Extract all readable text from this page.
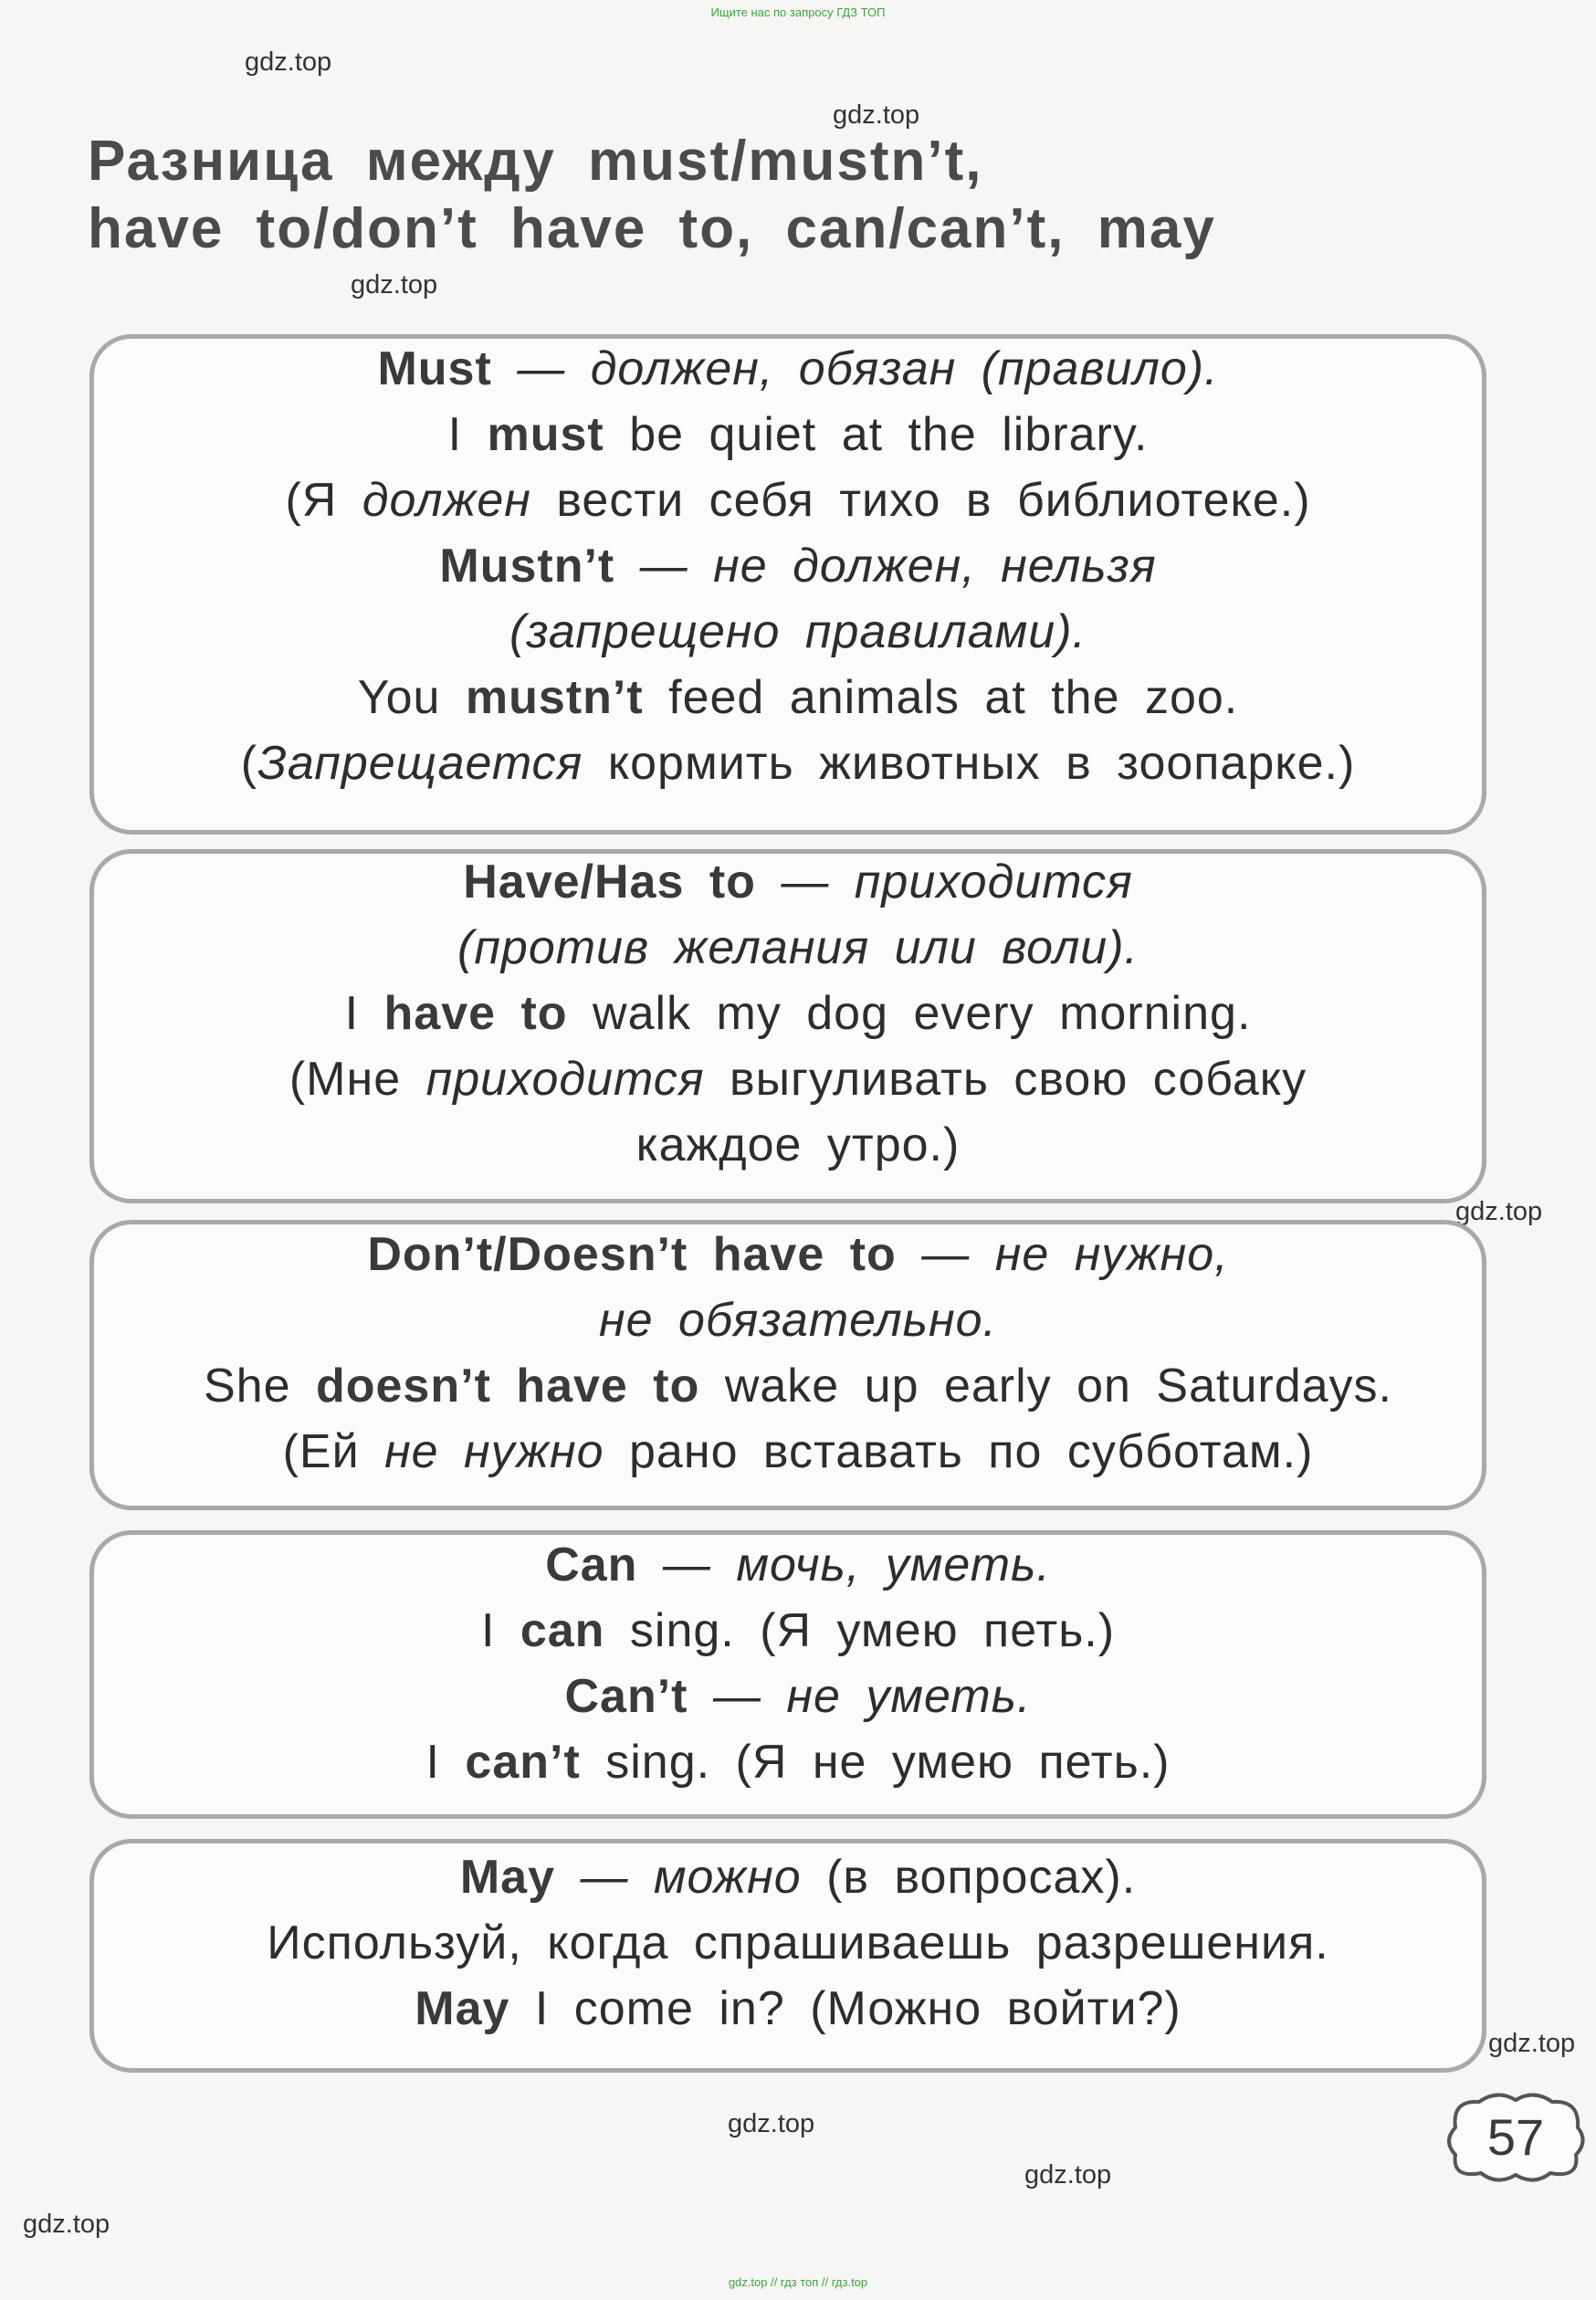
Ищите нас по запросу ГДЗ ТОП
gdz.top
gdz.top
gdz.top
gdz.top
gdz.top
gdz.top
gdz.top
gdz.top
Разница между must/mustn’t,
have to/don’t have to, can/can’t, may
Must — должен, обязан (правило).
I must be quiet at the library.
(Я должен вести себя тихо в библиотеке.)
Mustn’t — не должен, нельзя
(запрещено правилами).
You mustn’t feed animals at the zoo.
(Запрещается кормить животных в зоопарке.)
Have/Has to — приходится
(против желания или воли).
I have to walk my dog every morning.
(Мне приходится выгуливать свою собаку
каждое утро.)
Don’t/Doesn’t have to — не нужно,
не обязательно.
She doesn’t have to wake up early on Saturdays.
(Ей не нужно рано вставать по субботам.)
Can — мочь, уметь.
I can sing. (Я умею петь.)
Can’t — не уметь.
I can’t sing. (Я не умею петь.)
May — можно (в вопросах).
Используй, когда спрашиваешь разрешения.
May I come in? (Можно войти?)
57
gdz.top // гдз топ // гдз.top
